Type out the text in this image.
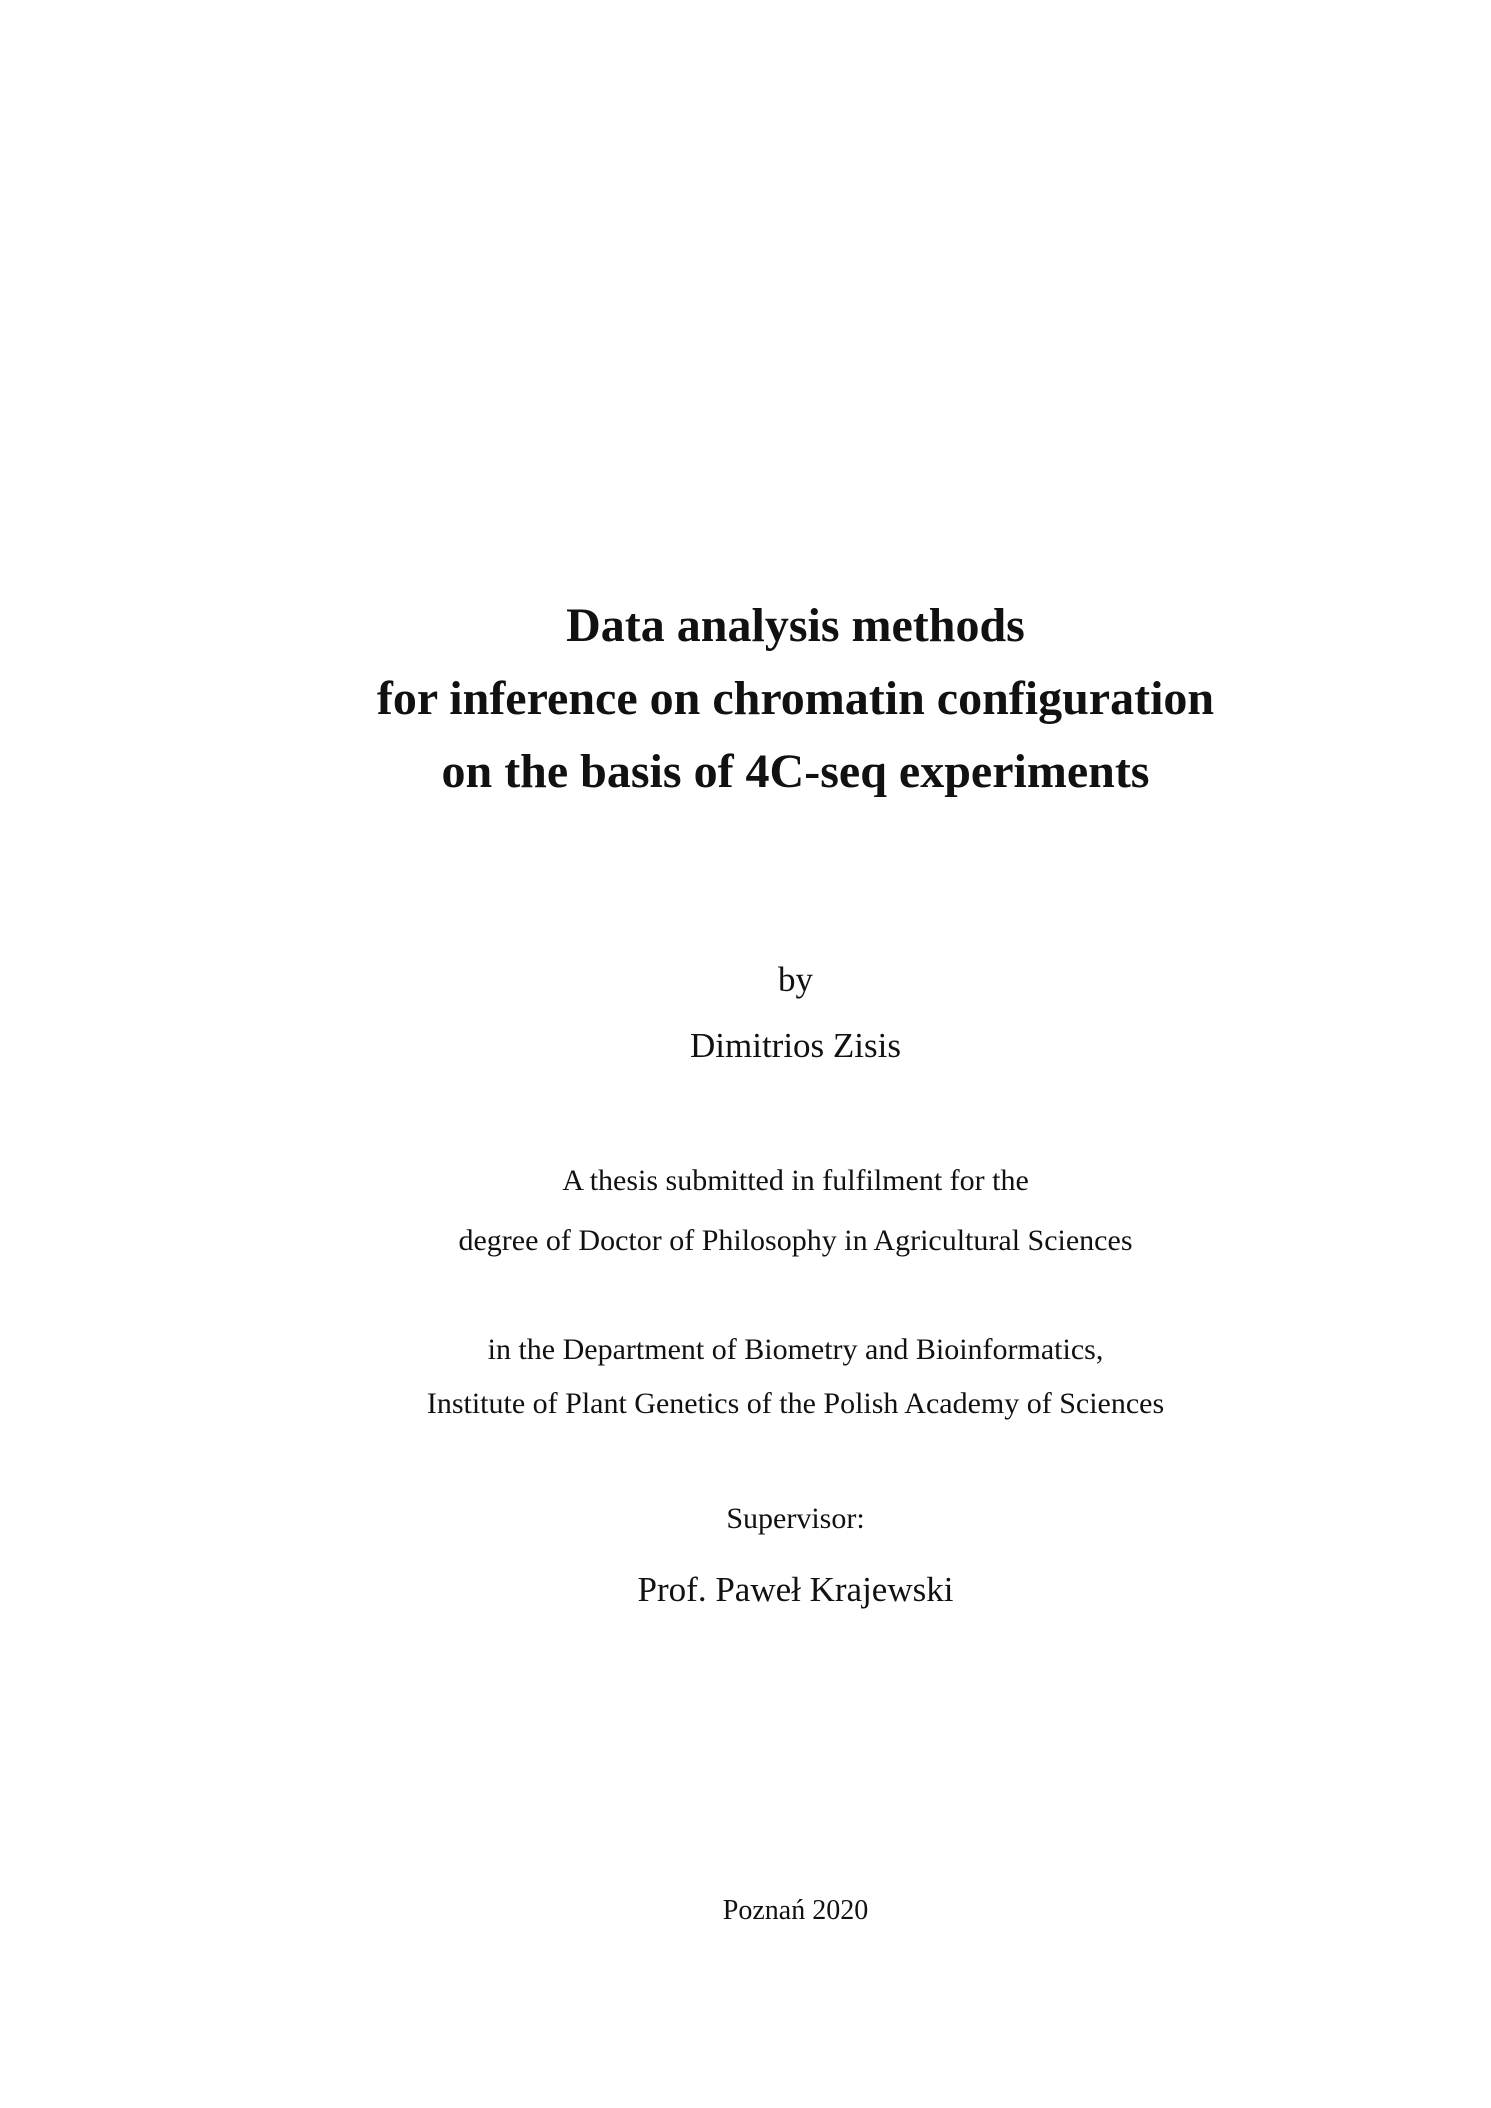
Data analysis methods
for inference on chromatin configuration
on the basis of 4C-seq experiments
by
Dimitrios Zisis
A thesis submitted in fulfilment for the
degree of Doctor of Philosophy in Agricultural Sciences
in the Department of Biometry and Bioinformatics,
Institute of Plant Genetics of the Polish Academy of Sciences
Supervisor:
Prof. Paweł Krajewski
Poznań 2020
